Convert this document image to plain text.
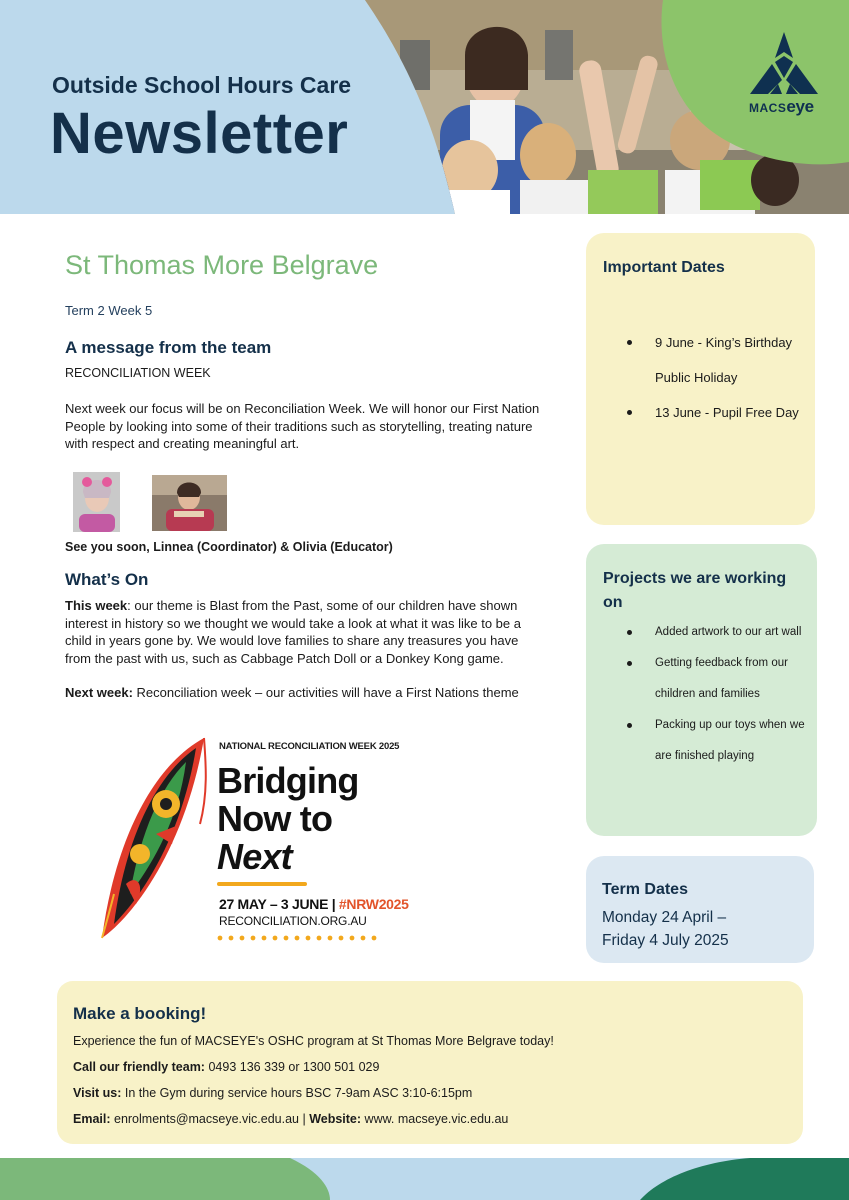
Outside School Hours Care
Newsletter	MACSeye
St Thomas More Belgrave
Term 2 Week 5
A message from the team
RECONCILIATION WEEK
Next week our focus will be on Reconciliation Week. We will honor our First Nation People by looking into some of their traditions such as storytelling, treating nature with respect and creating meaningful art.
See you soon, Linnea (Coordinator) & Olivia (Educator)
What’s On
This week: our theme is Blast from the Past, some of our children have shown interest in history so we thought we would take a look at what it was like to be a child in years gone by. We would love families to share any treasures you have from the past with us, such as Cabbage Patch Doll or a Donkey Kong game.
Next week: Reconciliation week – our activities will have a First Nations theme
NATIONAL RECONCILIATION WEEK 2025
Bridging
Now to
Next
27 MAY – 3 JUNE | #NRW2025
RECONCILIATION.ORG.AU
Important Dates
9 June - King’s Birthday Public Holiday
13 June - Pupil Free Day
Projects we are working on
Added artwork to our art wall
Getting feedback from our children and families
Packing up our toys when we are finished playing
Term Dates
Monday 24 April –
Friday 4 July 2025
Make a booking!
Experience the fun of MACSEYE's OSHC program at St Thomas More Belgrave today!
Call our friendly team: 0493 136 339 or 1300 501 029
Visit us: In the Gym during service hours BSC 7-9am ASC 3:10-6:15pm
Email: enrolments@macseye.vic.edu.au | Website: www. macseye.vic.edu.au
